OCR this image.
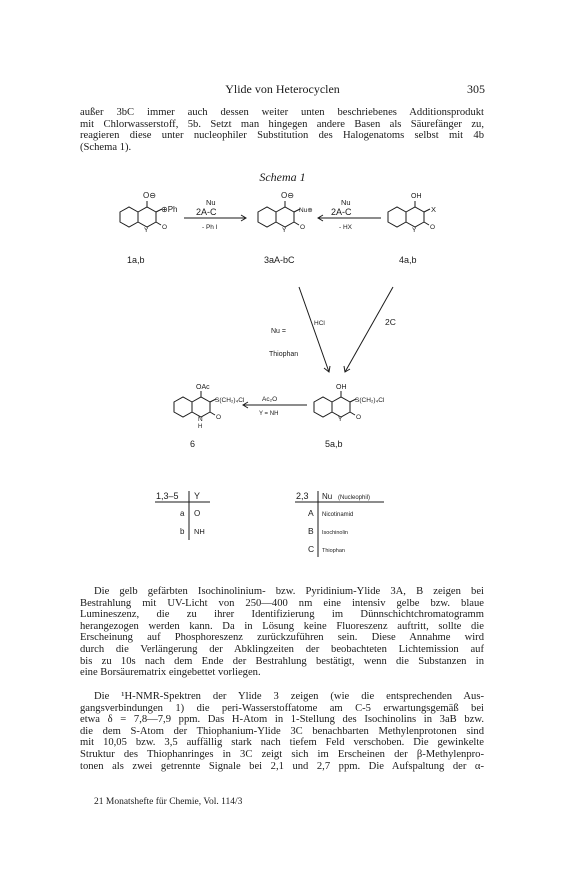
Ylide von Heterocyclen	305

außer 3bC immer auch dessen weiter unten beschriebenes Additionsprodukt

mit Chlorwasserstoff, 5b. Setzt man hingegen andere Basen als Säurefänger zu,

reagieren diese unter nucleophiler Substitution des Halogenatoms selbst mit 4b

(Schema 1).

Schema 1
O⊖
⊕Ph
O
Y
O⊖
Nu⊕
O
Y
OH
X
O
Y
OAc
S(CH₂)₄Cl
O
N
H
OH
S(CH₂)₄Cl
O
Y
1a,b	3aA-bC	4a,b
6	5a,b
Nu
2A-C
- Ph I
Nu
2A-C
- HX
HCl	2C
Nu =
Thiophan
Ac₂O
Y = NH
1,3–5 Y
a O
b NH
2,3 Nu (Nucleophil)
A Nicotinamid
B Isochinolin
C Thiophan

Die gelb gefärbten Isochinolinium- bzw. Pyridinium-Ylide 3A, B zeigen bei

Bestrahlung mit UV-Licht von 250—400 nm eine intensiv gelbe bzw. blaue

Lumineszenz, die zu ihrer Identifizierung im Dünnschichtchromatogramm

herangezogen werden kann. Da in Lösung keine Fluoreszenz auftritt, sollte die

Erscheinung auf Phosphoreszenz zurückzuführen sein. Diese Annahme wird

durch die Verlängerung der Abklingzeiten der beobachteten Lichtemission auf

bis zu 10s nach dem Ende der Bestrahlung bestätigt, wenn die Substanzen in

eine Borsäurematrix eingebettet vorliegen.

Die ¹H-NMR-Spektren der Ylide 3 zeigen (wie die entsprechenden Aus-

gangsverbindungen 1) die peri-Wasserstoffatome am C-5 erwartungsgemäß bei

etwa δ = 7,8—7,9 ppm. Das H-Atom in 1-Stellung des Isochinolins in 3aB bzw.

die dem S-Atom der Thiophanium-Ylide 3C benachbarten Methylenprotonen sind

mit 10,05 bzw. 3,5 auffällig stark nach tiefem Feld verschoben. Die gewinkelte

Struktur des Thiophanringes in 3C zeigt sich im Erscheinen der β-Methylenpro-

tonen als zwei getrennte Signale bei 2,1 und 2,7 ppm. Die Aufspaltung der α-

21 Monatshefte für Chemie, Vol. 114/3
